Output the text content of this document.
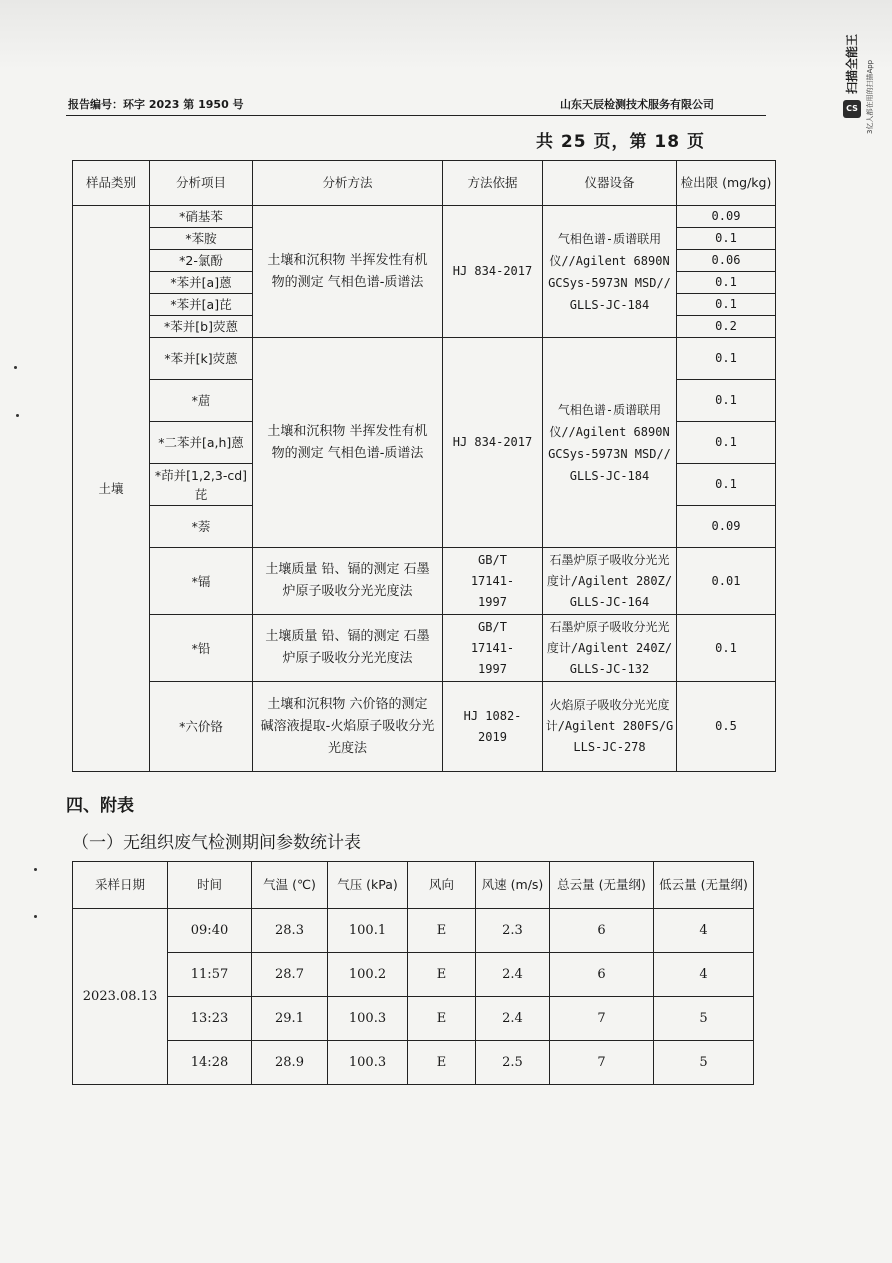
报告编号：环字 2023 第 1950 号	山东天辰检测技术服务有限公司
共 25 页，第 18 页
扫描全能王
CS	3亿人都在用的扫描App
样品类别	分析项目	分析方法	方法依据	仪器设备	检出限 (mg/kg)
土壤	*硝基苯	土壤和沉积物 半挥发性有机物的测定 气相色谱-质谱法	HJ 834-2017	气相色谱-质谱联用仪//Agilent 6890N GCSys-5973N MSD//GLLS-JC-184	0.09
	*苯胺				0.1
	*2-氯酚				0.06
	*苯并[a]蒽				0.1
	*苯并[a]芘				0.1
	*苯并[b]荧蒽				0.2
	*苯并[k]荧蒽	土壤和沉积物 半挥发性有机物的测定 气相色谱-质谱法	HJ 834-2017	气相色谱-质谱联用仪//Agilent 6890N GCSys-5973N MSD//GLLS-JC-184	0.1
	*䓛				0.1
	*二苯并[a,h]蒽				0.1
	*茚并[1,2,3-cd]芘				0.1
	*萘				0.09
	*镉	土壤质量 铅、镉的测定 石墨炉原子吸收分光光度法	GB/T 17141-1997	石墨炉原子吸收分光光度计/Agilent 280Z/GLLS-JC-164	0.01
	*铅	土壤质量 铅、镉的测定 石墨炉原子吸收分光光度法	GB/T 17141-1997	石墨炉原子吸收分光光度计/Agilent 240Z/GLLS-JC-132	0.1
	*六价铬	土壤和沉积物 六价铬的测定 碱溶液提取-火焰原子吸收分光光度法	HJ 1082-2019	火焰原子吸收分光光度计/Agilent 280FS/GLLS-JC-278	0.5
四、附表
（一）无组织废气检测期间参数统计表
采样日期	时间	气温 (℃)	气压 (kPa)	风向	风速 (m/s)	总云量 (无量纲)	低云量 (无量纲)
2023.08.13	09:40	28.3	100.1	E	2.3	6	4
	11:57	28.7	100.2	E	2.4	6	4
	13:23	29.1	100.3	E	2.4	7	5
	14:28	28.9	100.3	E	2.5	7	5
